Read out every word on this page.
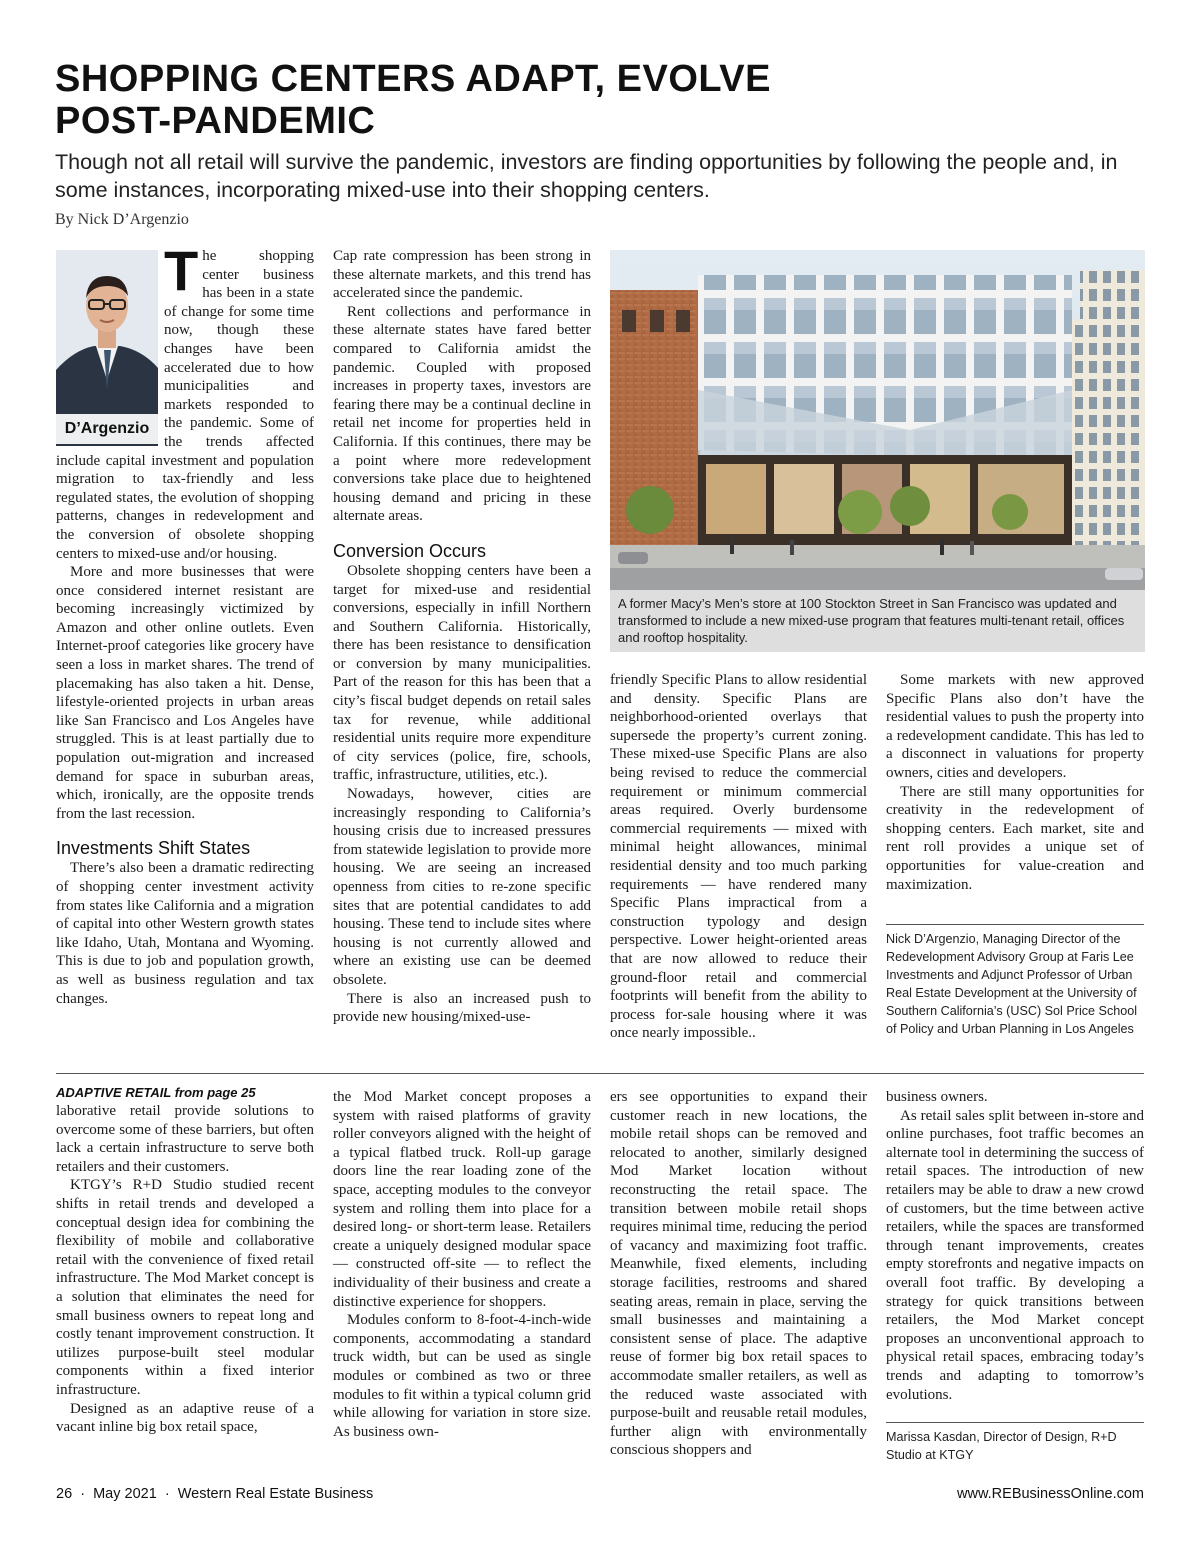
SHOPPING CENTERS ADAPT, EVOLVE
POST-PANDEMIC
Though not all retail will survive the pandemic, investors are finding opportunities by following the people and, in some instances, incorporating mixed-use into their shopping centers.
By Nick D’Argenzio
D’Argenzio

The shopping center business has been in a state of change for some time now, though these changes have been accelerated due to how municipalities and markets responded to the pandemic. Some of the trends affected include capital investment and population migration to tax-friendly and less regulated states, the evolution of shopping patterns, changes in redevelopment and the conversion of obsolete shopping centers to mixed-use and/or housing.

More and more businesses that were once considered internet resistant are becoming increasingly victimized by Amazon and other online outlets. Even Internet-proof categories like grocery have seen a loss in market shares. The trend of placemaking has also taken a hit. Dense, lifestyle-oriented projects in urban areas like San Francisco and Los Angeles have struggled. This is at least partially due to population out-migration and increased demand for space in suburban areas, which, ironically, are the opposite trends from the last recession.

Investments Shift States

There’s also been a dramatic redirecting of shopping center investment activity from states like California and a migration of capital into other Western growth states like Idaho, Utah, Montana and Wyoming. This is due to job and population growth, as well as business regulation and tax changes.

Cap rate compression has been strong in these alternate markets, and this trend has accelerated since the pandemic.

Rent collections and performance in these alternate states have fared better compared to California amidst the pandemic. Coupled with proposed increases in property taxes, investors are fearing there may be a continual decline in retail net income for properties held in California. If this continues, there may be a point where more redevelopment conversions take place due to heightened housing demand and pricing in these alternate areas.

Conversion Occurs

Obsolete shopping centers have been a target for mixed-use and residential conversions, especially in infill Northern and Southern California. Historically, there has been resistance to densification or conversion by many municipalities. Part of the reason for this has been that a city’s fiscal budget depends on retail sales tax for revenue, while additional residential units require more expenditure of city services (police, fire, schools, traffic, infrastructure, utilities, etc.).

Nowadays, however, cities are increasingly responding to California’s housing crisis due to increased pressures from statewide legislation to provide more housing. We are seeing an increased openness from cities to re-zone specific sites that are potential candidates to add housing. These tend to include sites where housing is not currently allowed and where an existing use can be deemed obsolete.

There is also an increased push to provide new housing/mixed-use-

A former Macy’s Men’s store at 100 Stockton Street in San Francisco was updated and transformed to include a new mixed-use program that features multi-tenant retail, offices and rooftop hospitality.

friendly Specific Plans to allow residential and density. Specific Plans are neighborhood-oriented overlays that supersede the property’s current zoning. These mixed-use Specific Plans are also being revised to reduce the commercial requirement or minimum commercial areas required. Overly burdensome commercial requirements — mixed with minimal height allowances, minimal residential density and too much parking requirements — have rendered many Specific Plans impractical from a construction typology and design perspective. Lower height-oriented areas that are now allowed to reduce their ground-floor retail and commercial footprints will benefit from the ability to process for-sale housing where it was once nearly impossible..

Some markets with new approved Specific Plans also don’t have the residential values to push the property into a redevelopment candidate. This has led to a disconnect in valuations for property owners, cities and developers.

There are still many opportunities for creativity in the redevelopment of shopping centers. Each market, site and rent roll provides a unique set of opportunities for value-creation and maximization.

Nick D’Argenzio, Managing Director of the Redevelopment Advisory Group at Faris Lee Investments and Adjunct Professor of Urban Real Estate Development at the University of Southern California’s (USC) Sol Price School of Policy and Urban Planning in Los Angeles
ADAPTIVE RETAIL from page 25

laborative retail provide solutions to overcome some of these barriers, but often lack a certain infrastructure to serve both retailers and their customers.

KTGY’s R+D Studio studied recent shifts in retail trends and developed a conceptual design idea for combining the flexibility of mobile and collaborative retail with the convenience of fixed retail infrastructure. The Mod Market concept is a solution that eliminates the need for small business owners to repeat long and costly tenant improvement construction. It utilizes purpose-built steel modular components within a fixed interior infrastructure.

Designed as an adaptive reuse of a vacant inline big box retail space,

the Mod Market concept proposes a system with raised platforms of gravity roller conveyors aligned with the height of a typical flatbed truck. Roll-up garage doors line the rear loading zone of the space, accepting modules to the conveyor system and rolling them into place for a desired long- or short-term lease. Retailers create a uniquely designed modular space — constructed off-site — to reflect the individuality of their business and create a distinctive experience for shoppers.

Modules conform to 8-foot-4-inch-wide components, accommodating a standard truck width, but can be used as single modules or combined as two or three modules to fit within a typical column grid while allowing for variation in store size. As business own-

ers see opportunities to expand their customer reach in new locations, the mobile retail shops can be removed and relocated to another, similarly designed Mod Market location without reconstructing the retail space. The transition between mobile retail shops requires minimal time, reducing the period of vacancy and maximizing foot traffic. Meanwhile, fixed elements, including storage facilities, restrooms and shared seating areas, remain in place, serving the small businesses and maintaining a consistent sense of place. The adaptive reuse of former big box retail spaces to accommodate smaller retailers, as well as the reduced waste associated with purpose-built and reusable retail modules, further align with environmentally conscious shoppers and

business owners.

As retail sales split between in-store and online purchases, foot traffic becomes an alternate tool in determining the success of retail spaces. The introduction of new retailers may be able to draw a new crowd of customers, but the time between active retailers, while the spaces are transformed through tenant improvements, creates empty storefronts and negative impacts on overall foot traffic. By developing a strategy for quick transitions between retailers, the Mod Market concept proposes an unconventional approach to physical retail spaces, embracing today’s trends and adapting to tomorrow’s evolutions.

Marissa Kasdan, Director of Design, R+D Studio at KTGY
26  ·  May 2021  ·  Western Real Estate Business	www.REBusinessOnline.com
